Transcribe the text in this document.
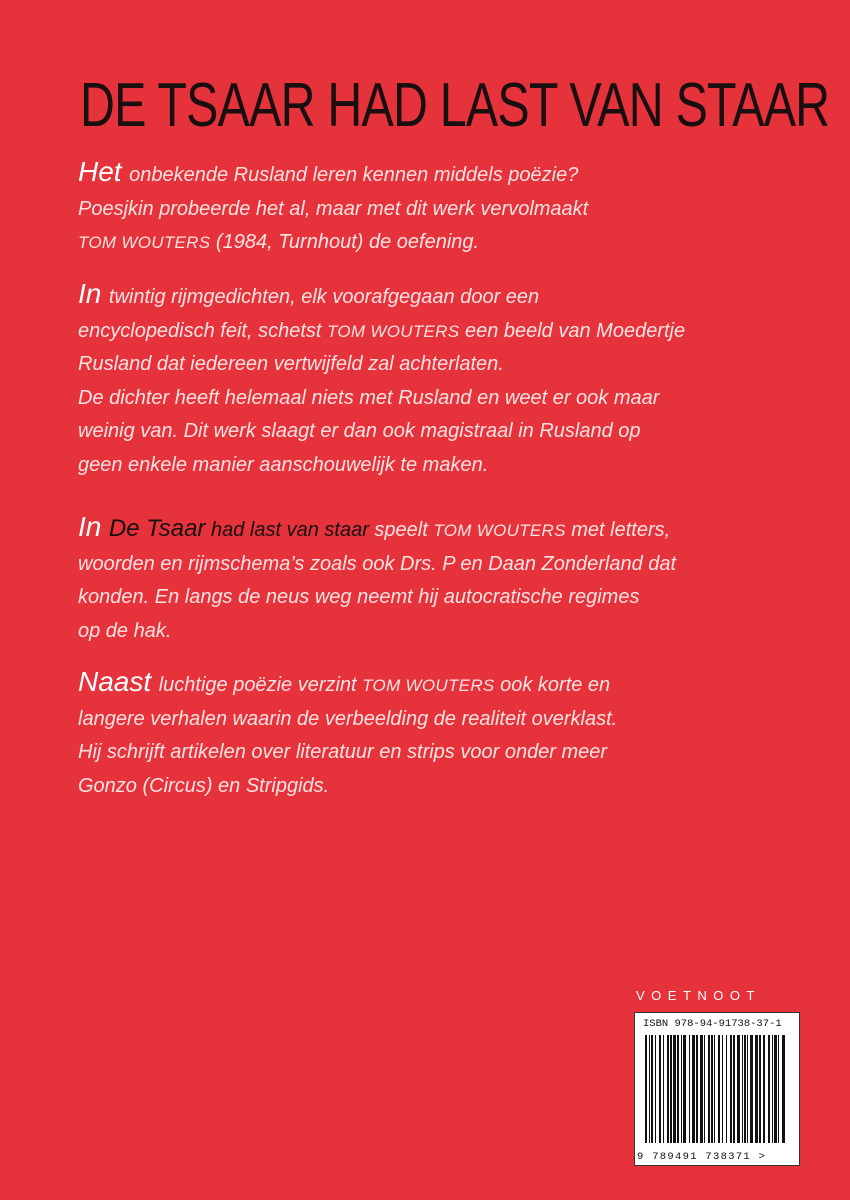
DE TSAAR HAD LAST VAN STAAR
Het onbekende Rusland leren kennen middels poëzie?
Poesjkin probeerde het al, maar met dit werk vervolmaakt
TOM WOUTERS (1984, Turnhout) de oefening.
In twintig rijmgedichten, elk voorafgegaan door een
encyclopedisch feit, schetst TOM WOUTERS een beeld van Moedertje
Rusland dat iedereen vertwijfeld zal achterlaten.
De dichter heeft helemaal niets met Rusland en weet er ook maar
weinig van. Dit werk slaagt er dan ook magistraal in Rusland op
geen enkele manier aanschouwelijk te maken.
In De Tsaar had last van staar speelt TOM WOUTERS met letters,
woorden en rijmschema’s zoals ook Drs. P en Daan Zonderland dat
konden. En langs de neus weg neemt hij autocratische regimes
op de hak.
Naast luchtige poëzie verzint TOM WOUTERS ook korte en
langere verhalen waarin de verbeelding de realiteit overklast.
Hij schrijft artikelen over literatuur en strips voor onder meer
Gonzo (Circus) en Stripgids.
VOETNOOT
ISBN 978-94-91738-37-1
9 789491 738371 >
